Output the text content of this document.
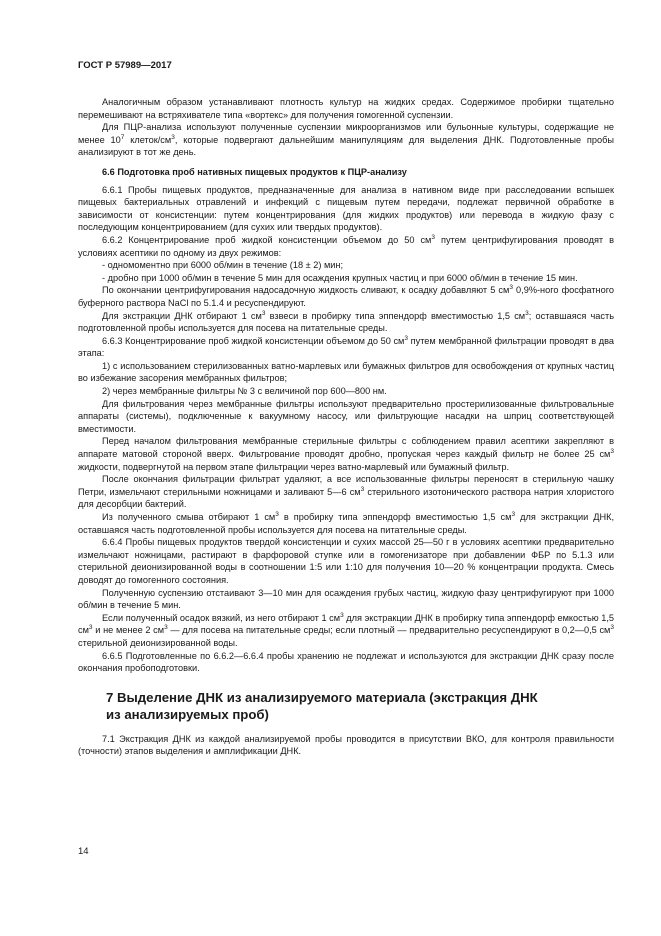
ГОСТ Р 57989—2017

Аналогичным образом устанавливают плотность культур на жидких средах. Содержимое пробирки тщательно перемешивают на встряхивателе типа «вортекс» для получения гомогенной суспензии.

Для ПЦР-анализа используют полученные суспензии микроорганизмов или бульонные культуры, содержащие не менее $10^7$ клеток/$см^3$, которые подвергают дальнейшим манипуляциям для выделения ДНК. Подготовленные пробы анализируют в тот же день.

6.6 Подготовка проб нативных пищевых продуктов к ПЦР-анализу

6.6.1 Пробы пищевых продуктов, предназначенные для анализа в нативном виде при расследовании вспышек пищевых бактериальных отравлений и инфекций с пищевым путем передачи, подлежат первичной обработке в зависимости от консистенции: путем концентрирования (для жидких продуктов) или перевода в жидкую фазу с последующим концентрированием (для сухих или твердых продуктов).

6.6.2 Концентрирование проб жидкой консистенции объемом до 50 $см^3$ путем центрифугирования проводят в условиях асептики по одному из двух режимов:

- одномоментно при 6000 об/мин в течение (18 ± 2) мин;

- дробно при 1000 об/мин в течение 5 мин для осаждения крупных частиц и при 6000 об/мин в течение 15 мин.

По окончании центрифугирования надосадочную жидкость сливают, к осадку добавляют 5 $см^3$ 0,9%-ного фосфатного буферного раствора NaCl по 5.1.4 и ресуспендируют.

Для экстракции ДНК отбирают 1 $см^3$ взвеси в пробирку типа эппендорф вместимостью 1,5 $см^3$; оставшаяся часть подготовленной пробы используется для посева на питательные среды.

6.6.3 Концентрирование проб жидкой консистенции объемом до 50 $см^3$ путем мембранной фильтрации проводят в два этапа:

1) с использованием стерилизованных ватно-марлевых или бумажных фильтров для освобождения от крупных частиц во избежание засорения мембранных фильтров;

2) через мембранные фильтры № 3 с величиной пор 600—800 нм.

Для фильтрования через мембранные фильтры используют предварительно простерилизованные фильтровальные аппараты (системы), подключенные к вакуумному насосу, или фильтрующие насадки на шприц соответствующей вместимости.

Перед началом фильтрования мембранные стерильные фильтры с соблюдением правил асептики закрепляют в аппарате матовой стороной вверх. Фильтрование проводят дробно, пропуская через каждый фильтр не более 25 $см^3$ жидкости, подвергнутой на первом этапе фильтрации через ватно-марлевый или бумажный фильтр.

После окончания фильтрации фильтрат удаляют, а все использованные фильтры переносят в стерильную чашку Петри, измельчают стерильными ножницами и заливают 5—6 $см^3$ стерильного изотонического раствора натрия хлористого для десорбции бактерий.

Из полученного смыва отбирают 1 $см^3$ в пробирку типа эппендорф вместимостью 1,5 $см^3$ для экстракции ДНК, оставшаяся часть подготовленной пробы используется для посева на питательные среды.

6.6.4 Пробы пищевых продуктов твердой консистенции и сухих массой 25—50 г в условиях асептики предварительно измельчают ножницами, растирают в фарфоровой ступке или в гомогенизаторе при добавлении ФБР по 5.1.3 или стерильной деионизированной воды в соотношении 1:5 или 1:10 для получения 10—20 % концентрации продукта. Смесь доводят до гомогенного состояния.

Полученную суспензию отстаивают 3—10 мин для осаждения грубых частиц, жидкую фазу центрифугируют при 1000 об/мин в течение 5 мин.

Если полученный осадок вязкий, из него отбирают 1 $см^3$ для экстракции ДНК в пробирку типа эппендорф емкостью 1,5 $см^3$ и не менее 2 $см^3$ — для посева на питательные среды; если плотный — предварительно ресуспендируют в 0,2—0,5 $см^3$ стерильной деионизированной воды.

6.6.5 Подготовленные по 6.6.2—6.6.4 пробы хранению не подлежат и используются для экстракции ДНК сразу после окончания пробоподготовки.

7 Выделение ДНК из анализируемого материала (экстракция ДНК
из анализируемых проб)

7.1 Экстракция ДНК из каждой анализируемой пробы проводится в присутствии ВКО, для контроля правильности (точности) этапов выделения и амплификации ДНК.

14
